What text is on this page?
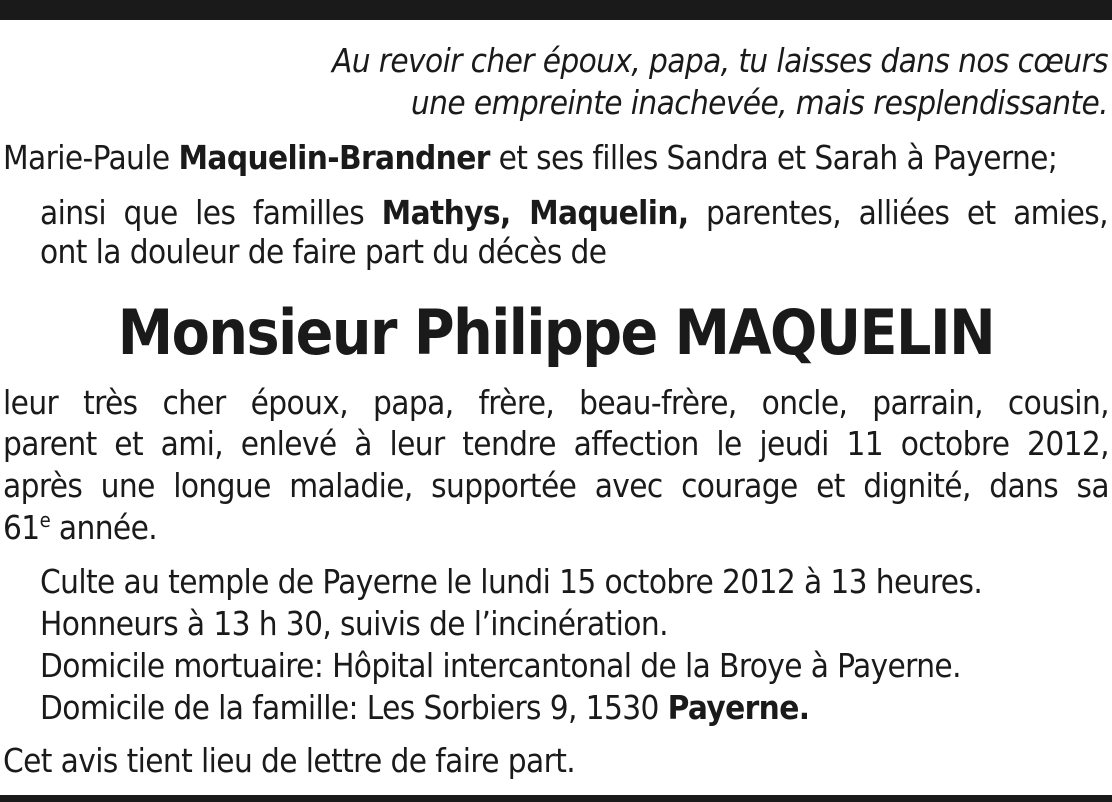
Au revoir cher époux, papa, tu laisses dans nos cœurs
une empreinte inachevée, mais resplendissante.
Marie-Paule Maquelin-Brandner et ses filles Sandra et Sarah à Payerne;
ainsi que les familles Mathys, Maquelin, parentes, alliées et amies,
ont la douleur de faire part du décès de
Monsieur Philippe MAQUELIN
leur très cher époux, papa, frère, beau-frère, oncle, parrain, cousin,
parent et ami, enlevé à leur tendre affection le jeudi 11 octobre 2012,
après une longue maladie, supportée avec courage et dignité, dans sa
61e année.
Culte au temple de Payerne le lundi 15 octobre 2012 à 13 heures.
Honneurs à 13 h 30, suivis de l’incinération.
Domicile mortuaire: Hôpital intercantonal de la Broye à Payerne.
Domicile de la famille: Les Sorbiers 9, 1530 Payerne.
Cet avis tient lieu de lettre de faire part.
